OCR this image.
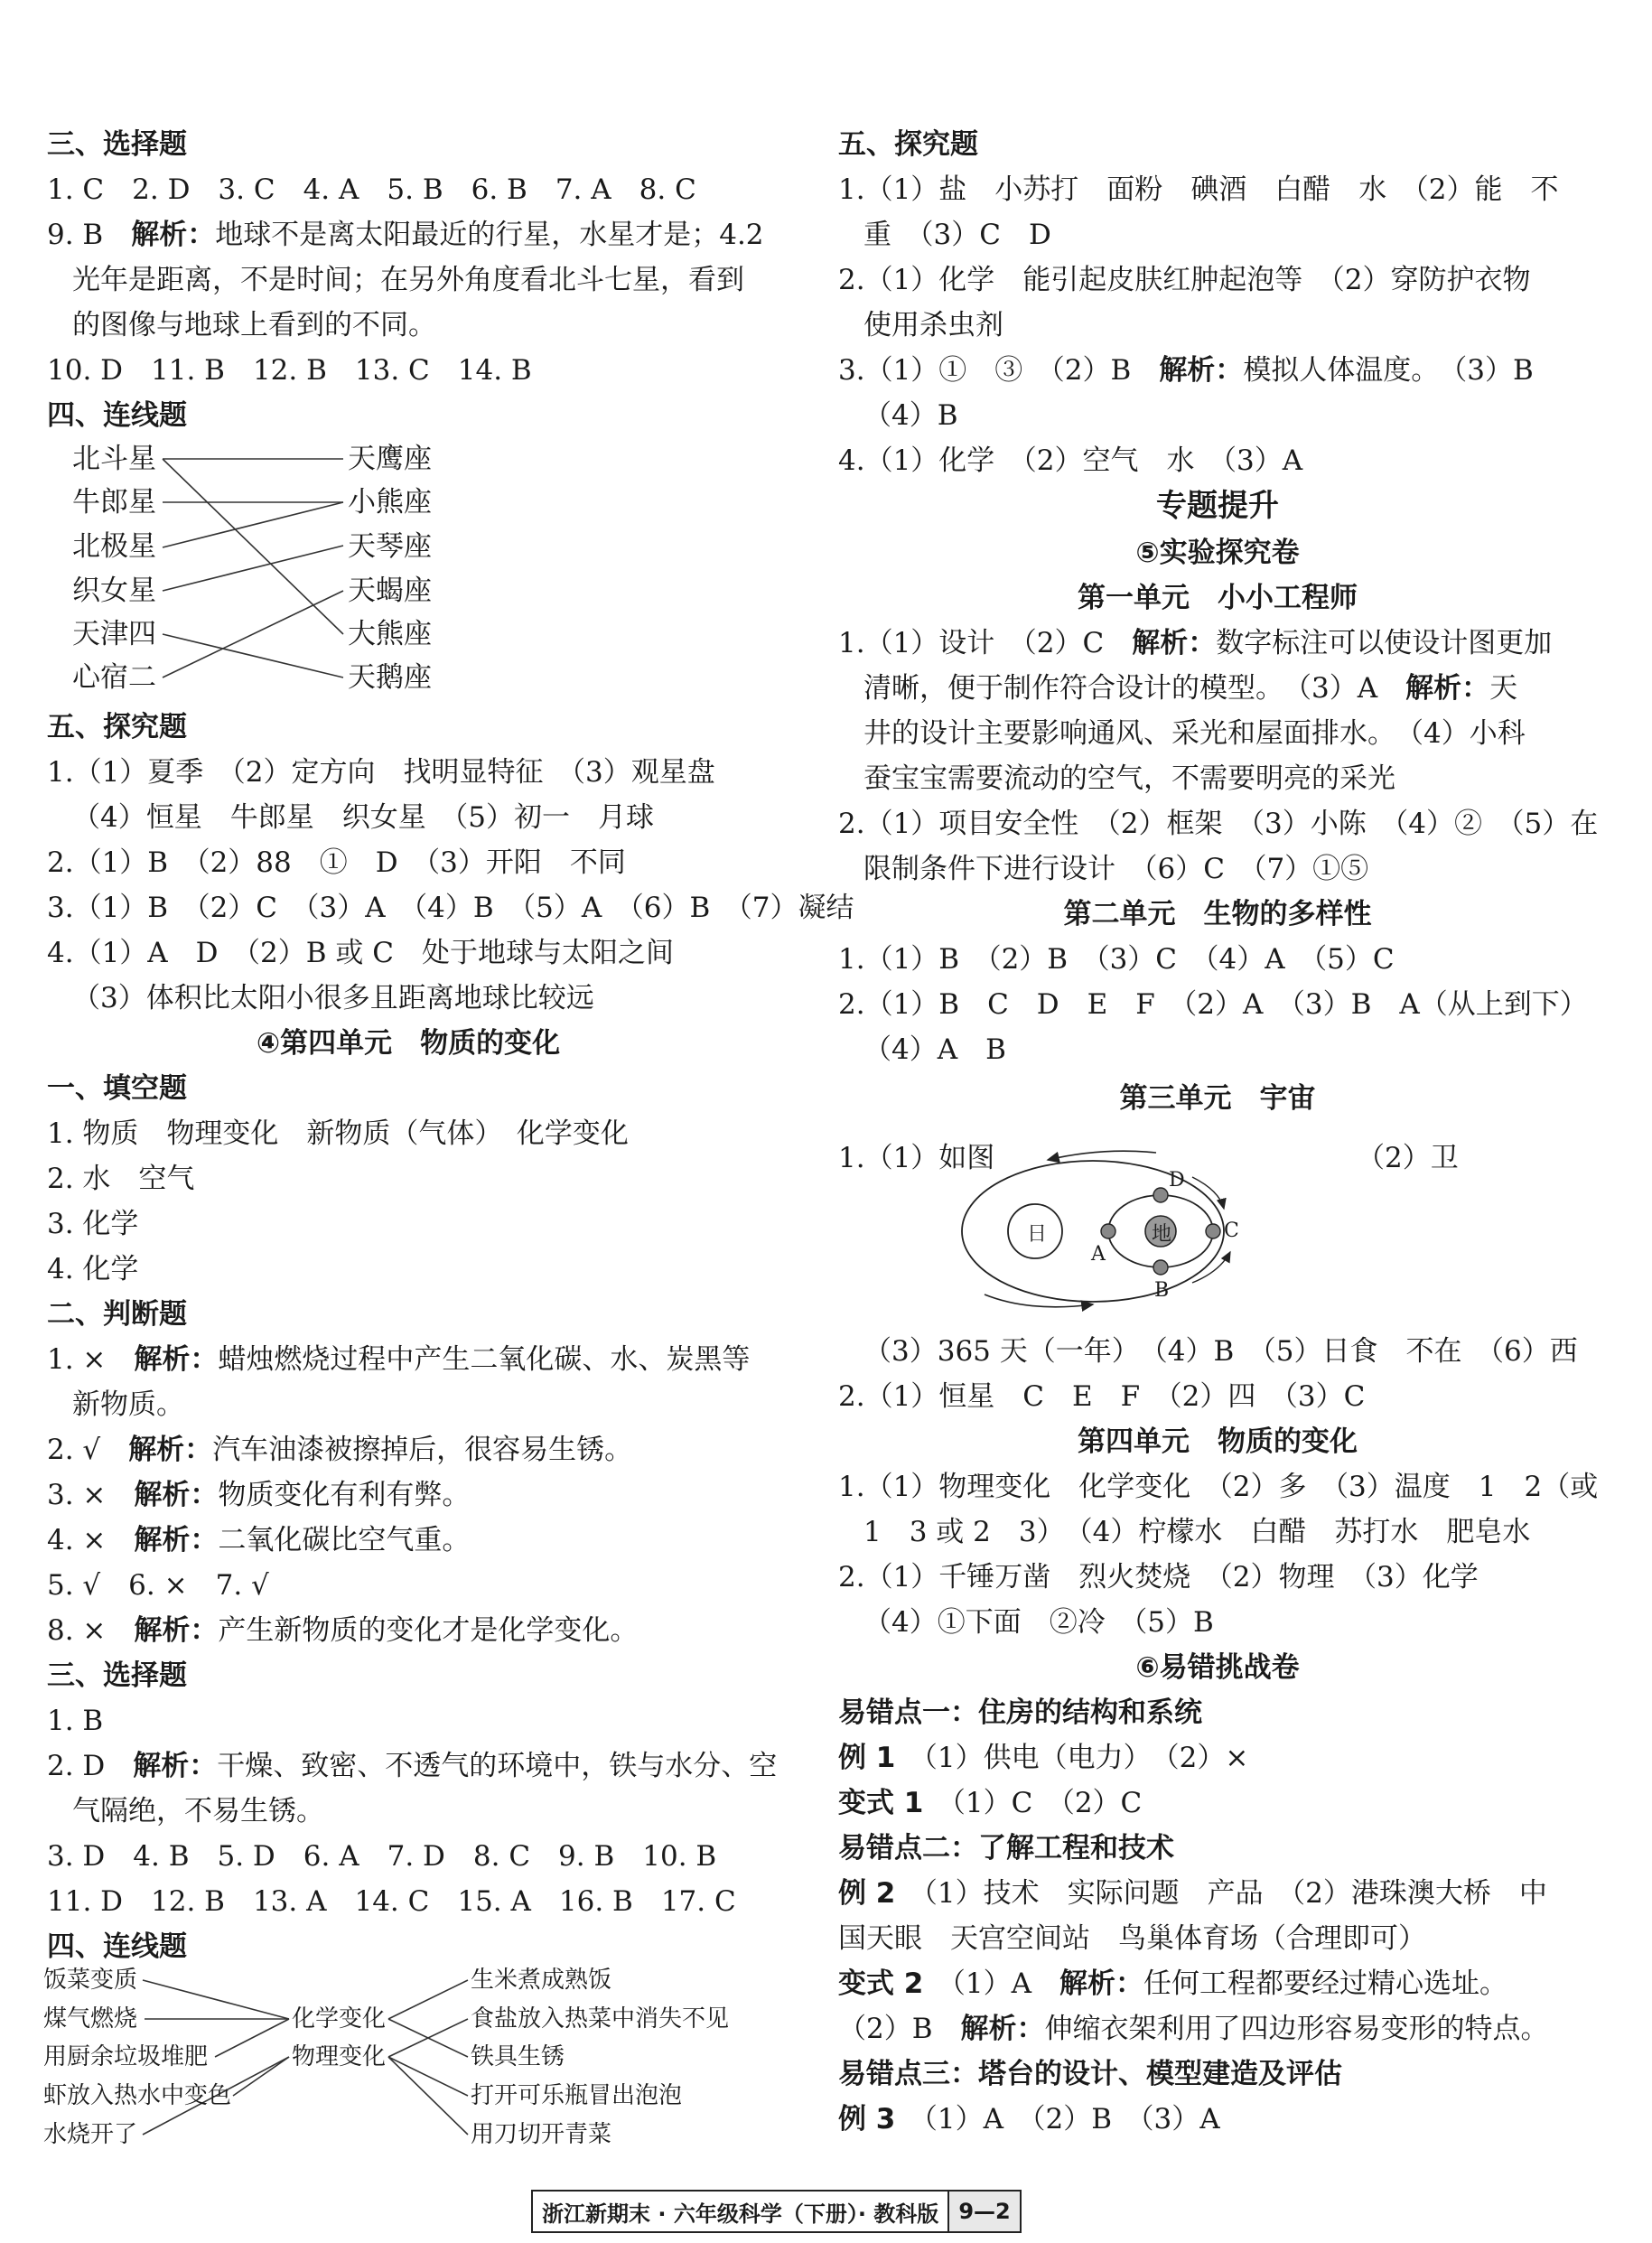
三、选择题
1. C　2. D　3. C　4. A　5. B　6. B　7. A　8. C
9. B　解析：地球不是离太阳最近的行星，水星才是；4.2
光年是距离，不是时间；在另外角度看北斗七星，看到
的图像与地球上看到的不同。
10. D　11. B　12. B　13. C　14. B
四、连线题
北斗星
牛郎星
北极星
织女星
天津四
心宿二
天鹰座
小熊座
天琴座
天蝎座
大熊座
天鹅座
五、探究题
1.（1）夏季　（2）定方向　找明显特征　（3）观星盘
（4）恒星　牛郎星　织女星　（5）初一　月球
2.（1）B　（2）88　①　D　（3）开阳　不同
3.（1）B　（2）C　（3）A　（4）B　（5）A　（6）B　（7）凝结
4.（1）A　D　（2）B 或 C　处于地球与太阳之间
（3）体积比太阳小很多且距离地球比较远
④第四单元　物质的变化
一、填空题
1. 物质　物理变化　新物质（气体）　化学变化
2. 水　空气
3. 化学
4. 化学
二、判断题
1. ×　解析：蜡烛燃烧过程中产生二氧化碳、水、炭黑等
新物质。
2. √　解析：汽车油漆被擦掉后，很容易生锈。
3. ×　解析：物质变化有利有弊。
4. ×　解析：二氧化碳比空气重。
5. √　6. ×　7. √
8. ×　解析：产生新物质的变化才是化学变化。
三、选择题
1. B
2. D　解析：干燥、致密、不透气的环境中，铁与水分、空
气隔绝，不易生锈。
3. D　4. B　5. D　6. A　7. D　8. C　9. B　10. B
11. D　12. B　13. A　14. C　15. A　16. B　17. C
四、连线题
饭菜变质
煤气燃烧
用厨余垃圾堆肥
虾放入热水中变色
水烧开了
化学变化
物理变化
生米煮成熟饭
食盐放入热菜中消失不见
铁具生锈
打开可乐瓶冒出泡泡
用刀切开青菜
五、探究题
1.（1）盐　小苏打　面粉　碘酒　白醋　水　（2）能　不
重　（3）C　D
2.（1）化学　能引起皮肤红肿起泡等　（2）穿防护衣物
使用杀虫剂
3.（1）①　③　（2）B　解析：模拟人体温度。　（3）B
（4）B
4.（1）化学　（2）空气　水　（3）A
专题提升
⑤实验探究卷
第一单元　小小工程师
1.（1）设计　（2）C　解析：数字标注可以使设计图更加
清晰，便于制作符合设计的模型。　（3）A　解析：天
井的设计主要影响通风、采光和屋面排水。　（4）小科
蚕宝宝需要流动的空气，不需要明亮的采光
2.（1）项目安全性　（2）框架　（3）小陈　（4）②　（5）在
限制条件下进行设计　（6）C　（7）①⑤
第二单元　生物的多样性
1.（1）B　（2）B　（3）C　（4）A　（5）C
2.（1）B　C　D　E　F　（2）A　（3）B　A（从上到下）
（4）A　B
第三单元　宇宙
1.（1）如图	（2）卫
日	地
D
A
C
B
（3）365 天（一年）　（4）B　（5）日食　不在　（6）西
2.（1）恒星　C　E　F　（2）四　（3）C
第四单元　物质的变化
1.（1）物理变化　化学变化　（2）多　（3）温度　1　2（或
1　3 或 2　3）　（4）柠檬水　白醋　苏打水　肥皂水
2.（1）千锤万凿　烈火焚烧　（2）物理　（3）化学
（4）①下面　②冷　（5）B
⑥易错挑战卷
易错点一：住房的结构和系统
例 1　（1）供电（电力）　（2）×
变式 1　（1）C　（2）C
易错点二：了解工程和技术
例 2　（1）技术　实际问题　产品　（2）港珠澳大桥　中
国天眼　天宫空间站　鸟巢体育场（合理即可）
变式 2　（1）A　解析：任何工程都要经过精心选址。
（2）B　解析：伸缩衣架利用了四边形容易变形的特点。
易错点三：塔台的设计、模型建造及评估
例 3　（1）A　（2）B　（3）A
浙江新期末 · 六年级科学（下册）· 教科版 9—2
